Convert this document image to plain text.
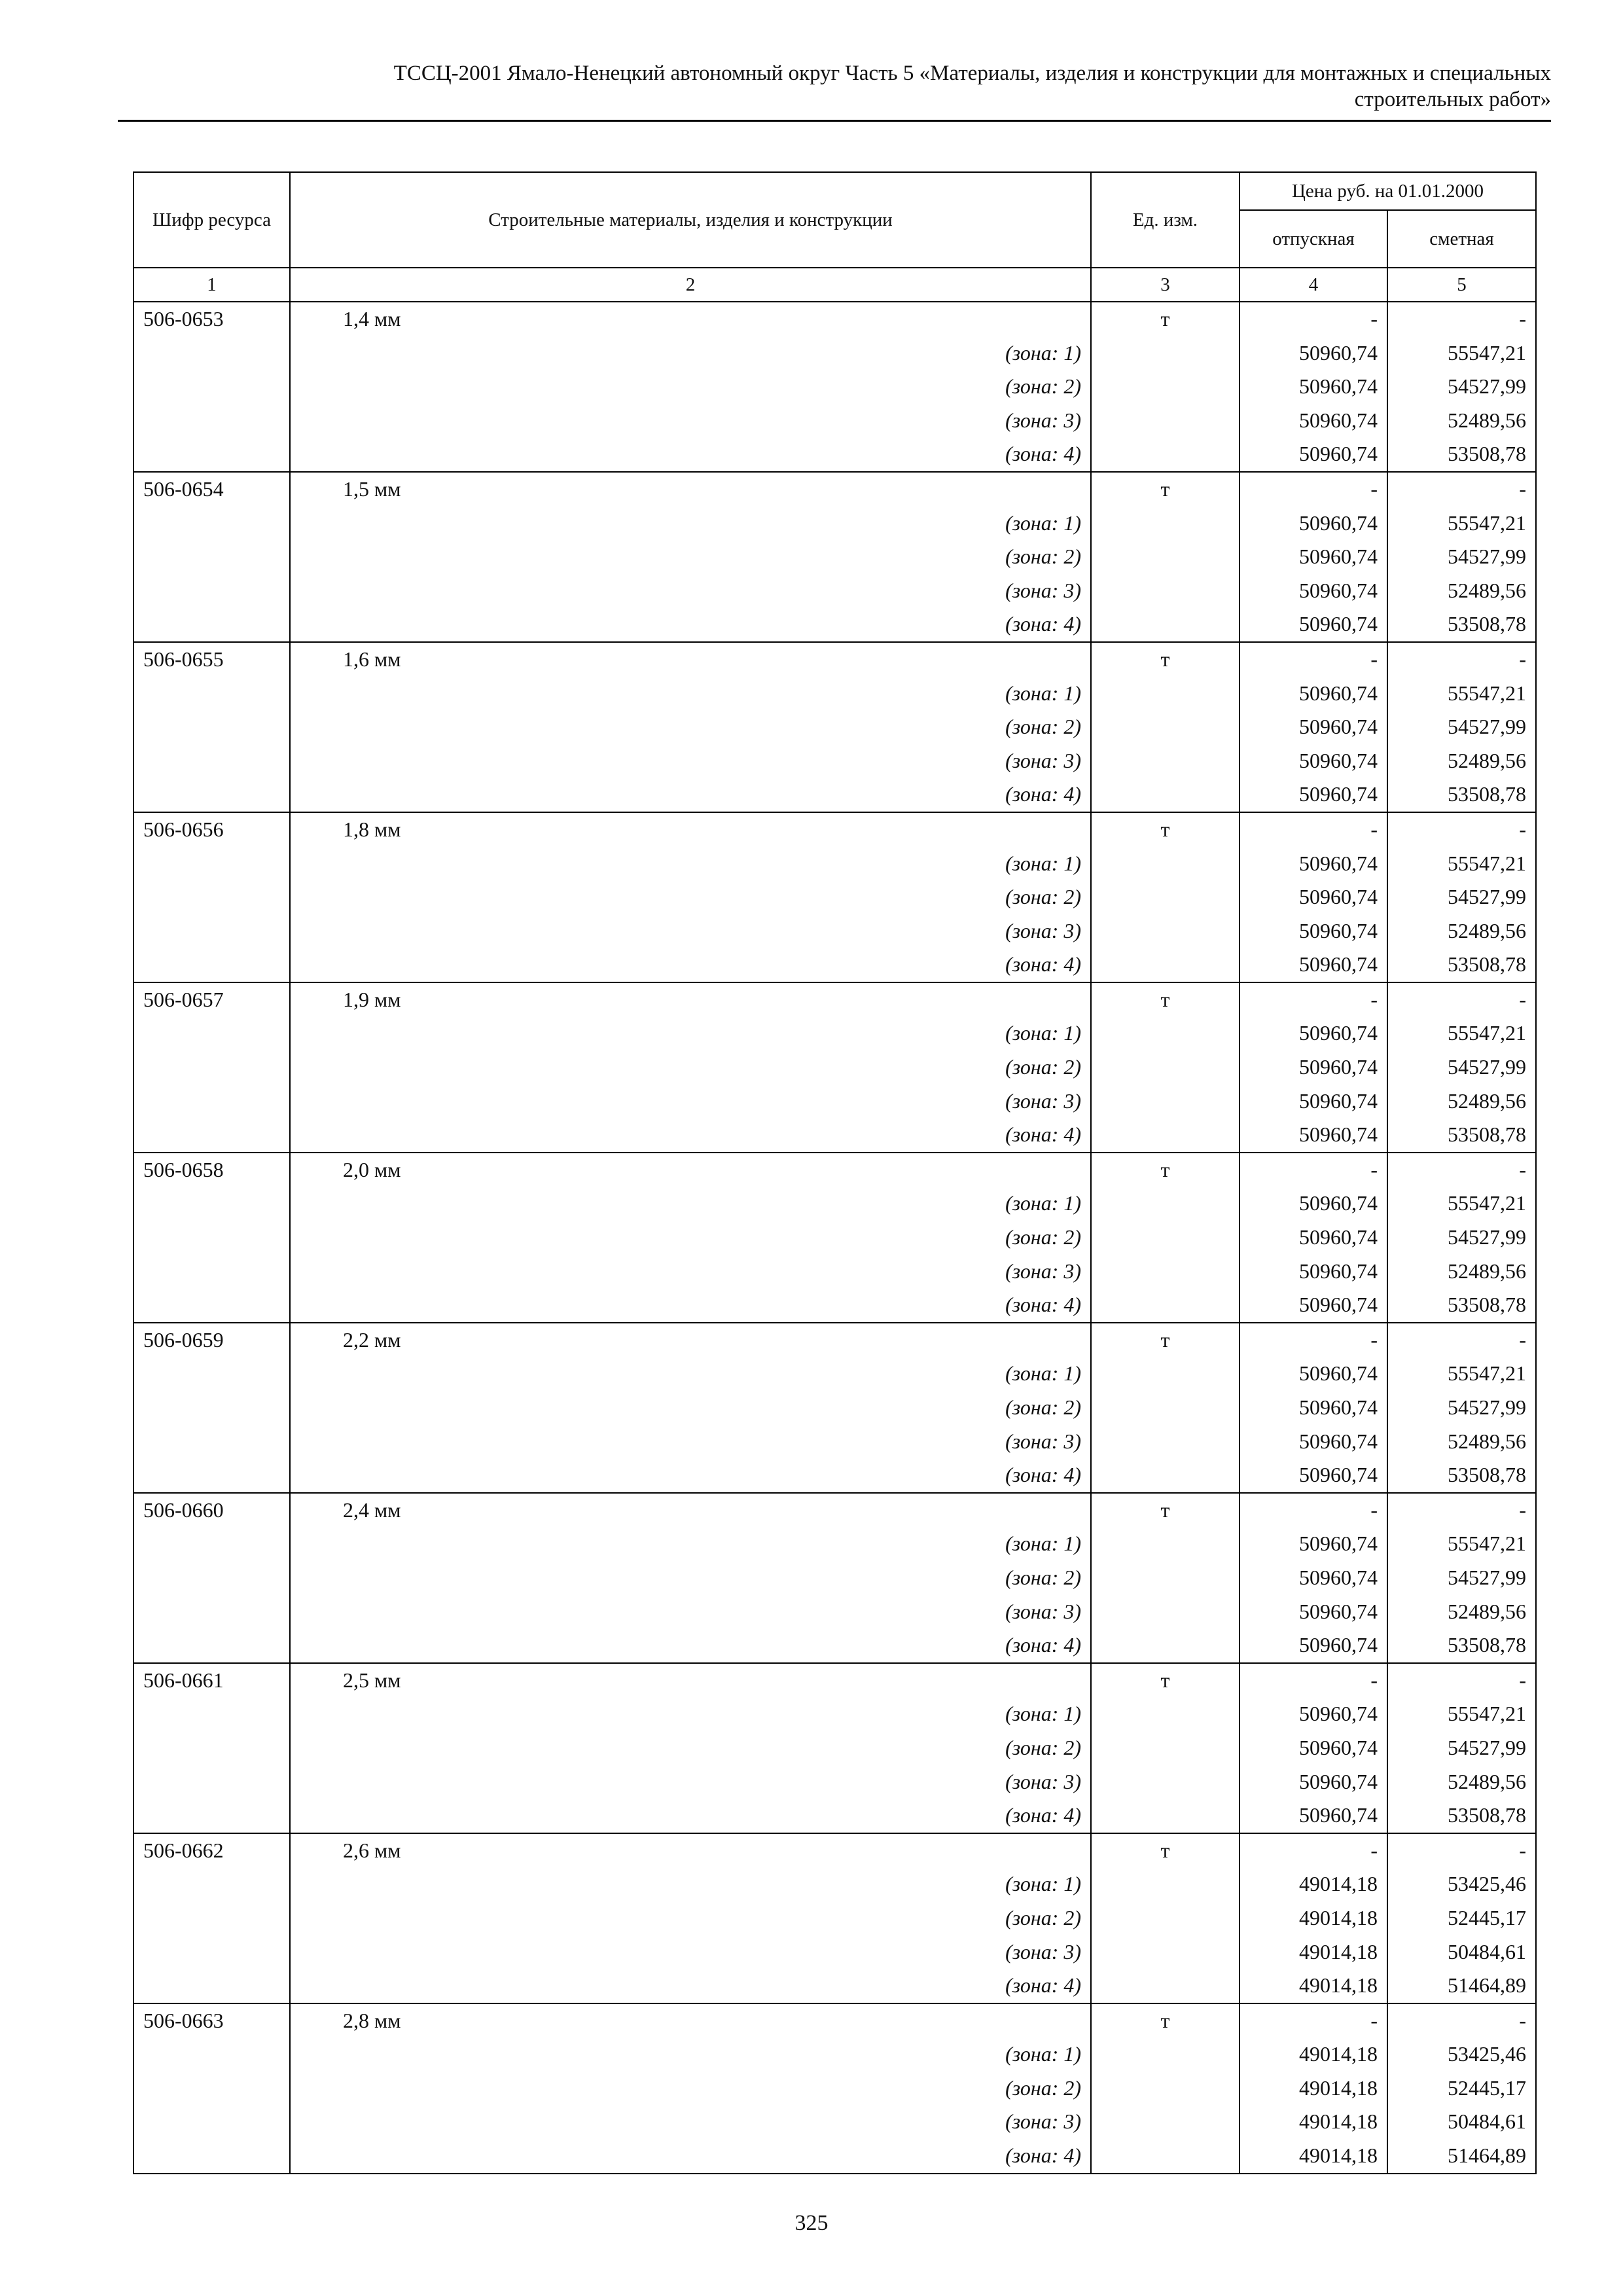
ТССЦ-2001 Ямало-Ненецкий автономный округ Часть 5 «Материалы, изделия и конструкции для монтажных и специальных
строительных работ»
Шифр ресурса	Строительные материалы, изделия и конструкции	Ед. изм.	Цена руб. на 01.01.2000	
			отпускная	сметная
1	2	3	4	5
506-0653	1,4 мм	т	-	-
	(зона: 1)		50960,74	55547,21
	(зона: 2)		50960,74	54527,99
	(зона: 3)		50960,74	52489,56
	(зона: 4)		50960,74	53508,78
506-0654	1,5 мм	т	-	-
	(зона: 1)		50960,74	55547,21
	(зона: 2)		50960,74	54527,99
	(зона: 3)		50960,74	52489,56
	(зона: 4)		50960,74	53508,78
506-0655	1,6 мм	т	-	-
	(зона: 1)		50960,74	55547,21
	(зона: 2)		50960,74	54527,99
	(зона: 3)		50960,74	52489,56
	(зона: 4)		50960,74	53508,78
506-0656	1,8 мм	т	-	-
	(зона: 1)		50960,74	55547,21
	(зона: 2)		50960,74	54527,99
	(зона: 3)		50960,74	52489,56
	(зона: 4)		50960,74	53508,78
506-0657	1,9 мм	т	-	-
	(зона: 1)		50960,74	55547,21
	(зона: 2)		50960,74	54527,99
	(зона: 3)		50960,74	52489,56
	(зона: 4)		50960,74	53508,78
506-0658	2,0 мм	т	-	-
	(зона: 1)		50960,74	55547,21
	(зона: 2)		50960,74	54527,99
	(зона: 3)		50960,74	52489,56
	(зона: 4)		50960,74	53508,78
506-0659	2,2 мм	т	-	-
	(зона: 1)		50960,74	55547,21
	(зона: 2)		50960,74	54527,99
	(зона: 3)		50960,74	52489,56
	(зона: 4)		50960,74	53508,78
506-0660	2,4 мм	т	-	-
	(зона: 1)		50960,74	55547,21
	(зона: 2)		50960,74	54527,99
	(зона: 3)		50960,74	52489,56
	(зона: 4)		50960,74	53508,78
506-0661	2,5 мм	т	-	-
	(зона: 1)		50960,74	55547,21
	(зона: 2)		50960,74	54527,99
	(зона: 3)		50960,74	52489,56
	(зона: 4)		50960,74	53508,78
506-0662	2,6 мм	т	-	-
	(зона: 1)		49014,18	53425,46
	(зона: 2)		49014,18	52445,17
	(зона: 3)		49014,18	50484,61
	(зона: 4)		49014,18	51464,89
506-0663	2,8 мм	т	-	-
	(зона: 1)		49014,18	53425,46
	(зона: 2)		49014,18	52445,17
	(зона: 3)		49014,18	50484,61
	(зона: 4)		49014,18	51464,89
325
